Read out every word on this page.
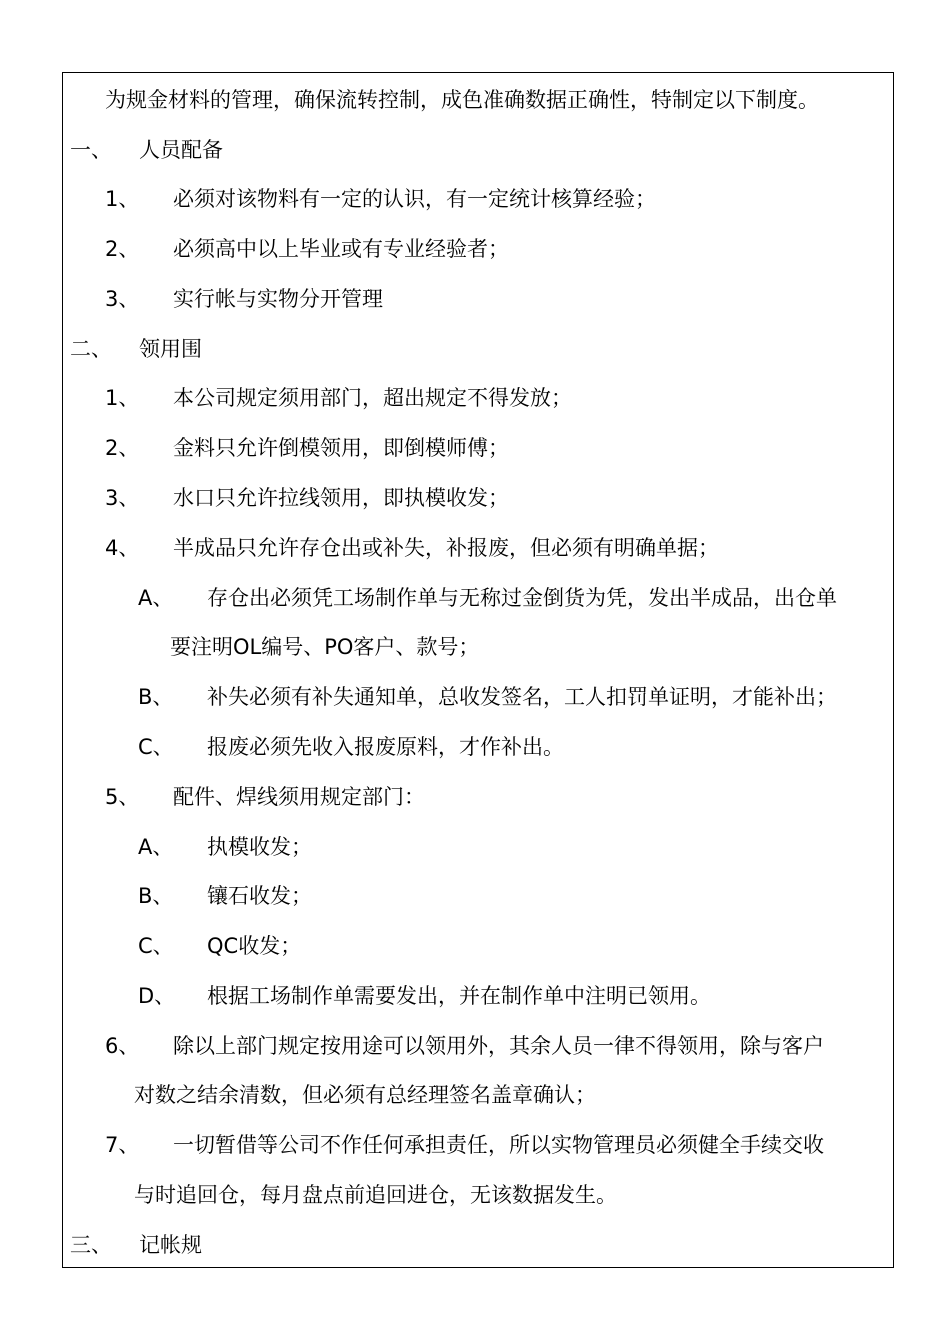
为规金材料的管理，确保流转控制，成色准确数据正确性，特制定以下制度。
一、 人员配备
1、 必须对该物料有一定的认识，有一定统计核算经验；
2、 必须高中以上毕业或有专业经验者；
3、 实行帐与实物分开管理
二、 领用围
1、 本公司规定须用部门，超出规定不得发放；
2、 金料只允许倒模领用，即倒模师傅；
3、 水口只允许拉线领用，即执模收发；
4、 半成品只允许存仓出或补失，补报废，但必须有明确单据；
A、 存仓出必须凭工场制作单与无称过金倒货为凭，发出半成品，出仓单
要注明OL编号、PO客户、款号；
B、 补失必须有补失通知单，总收发签名，工人扣罚单证明，才能补出；
C、 报废必须先收入报废原料，才作补出。
5、 配件、焊线须用规定部门：
A、 执模收发；
B、 镶石收发；
C、 QC收发；
D、 根据工场制作单需要发出，并在制作单中注明已领用。
6、 除以上部门规定按用途可以领用外，其余人员一律不得领用，除与客户
对数之结余清数，但必须有总经理签名盖章确认；
7、 一切暂借等公司不作任何承担责任，所以实物管理员必须健全手续交收
与时追回仓，每月盘点前追回进仓，无该数据发生。
三、 记帐规
